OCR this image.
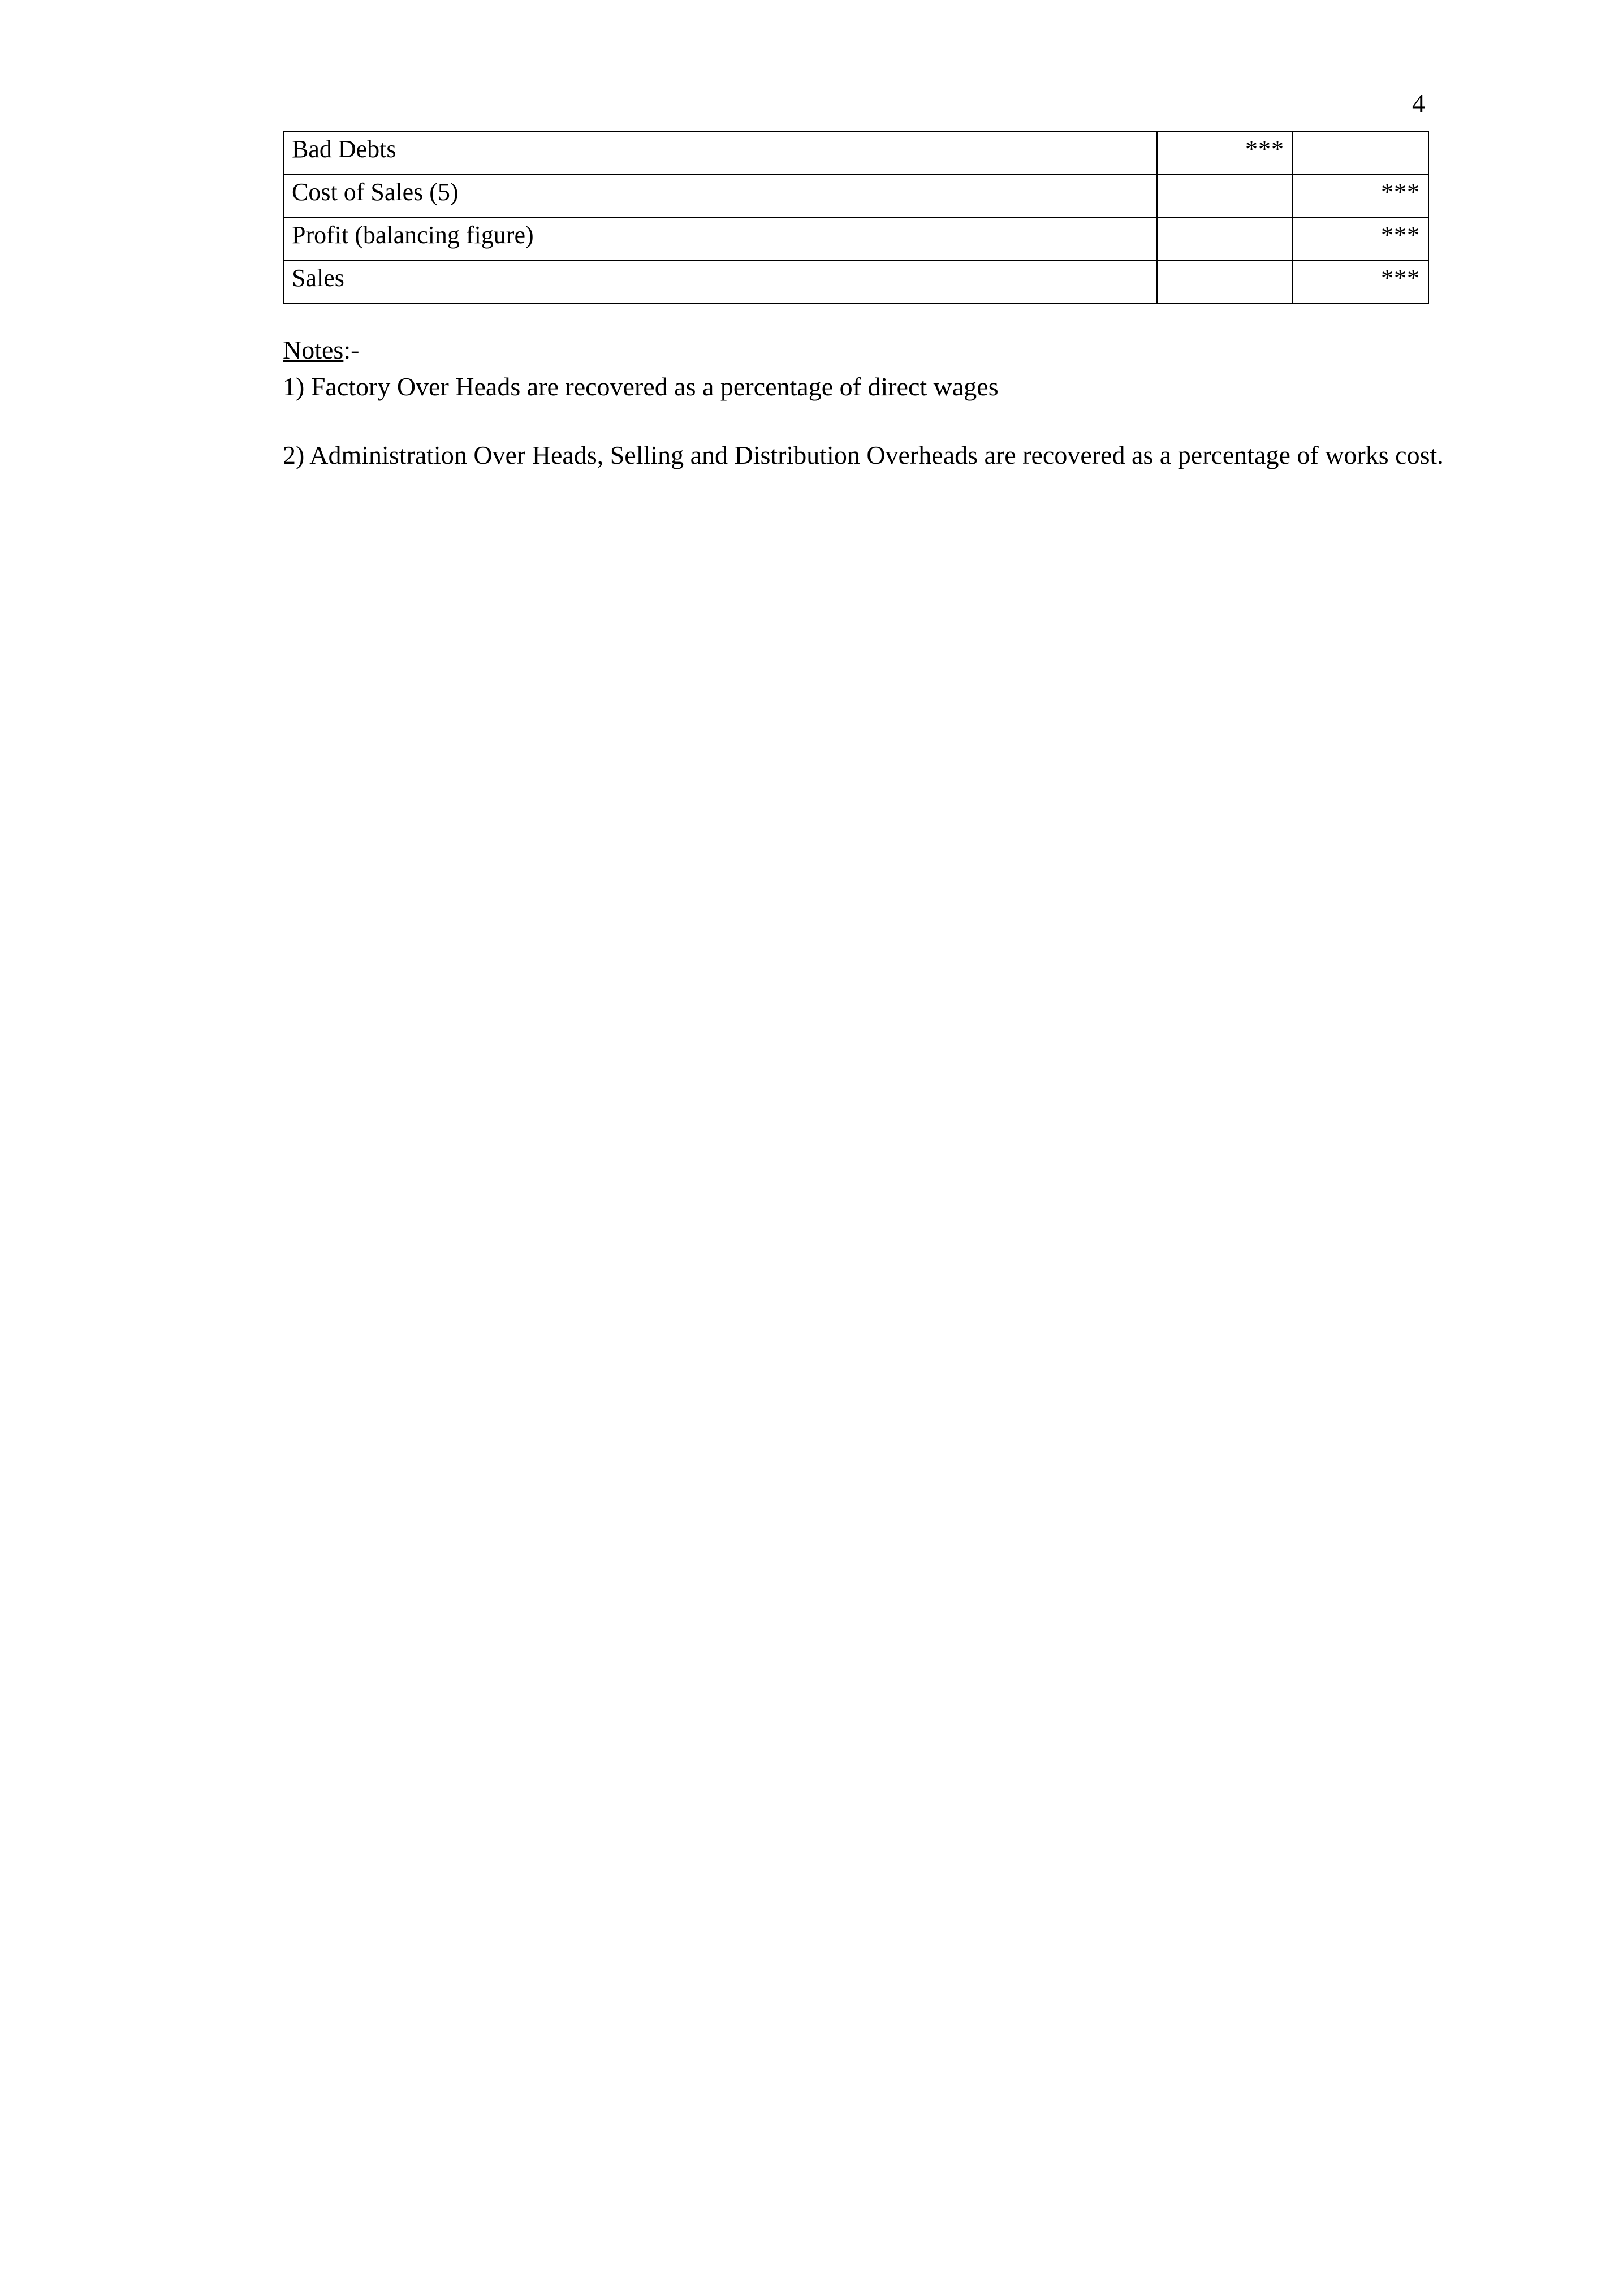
4
Bad Debts	***	
Cost of Sales (5)		***
Profit (balancing figure)		***
Sales		***
Notes:-
1) Factory Over Heads are recovered as a percentage of direct wages
2) Administration Over Heads, Selling and Distribution Overheads are recovered as a percentage of works cost.
